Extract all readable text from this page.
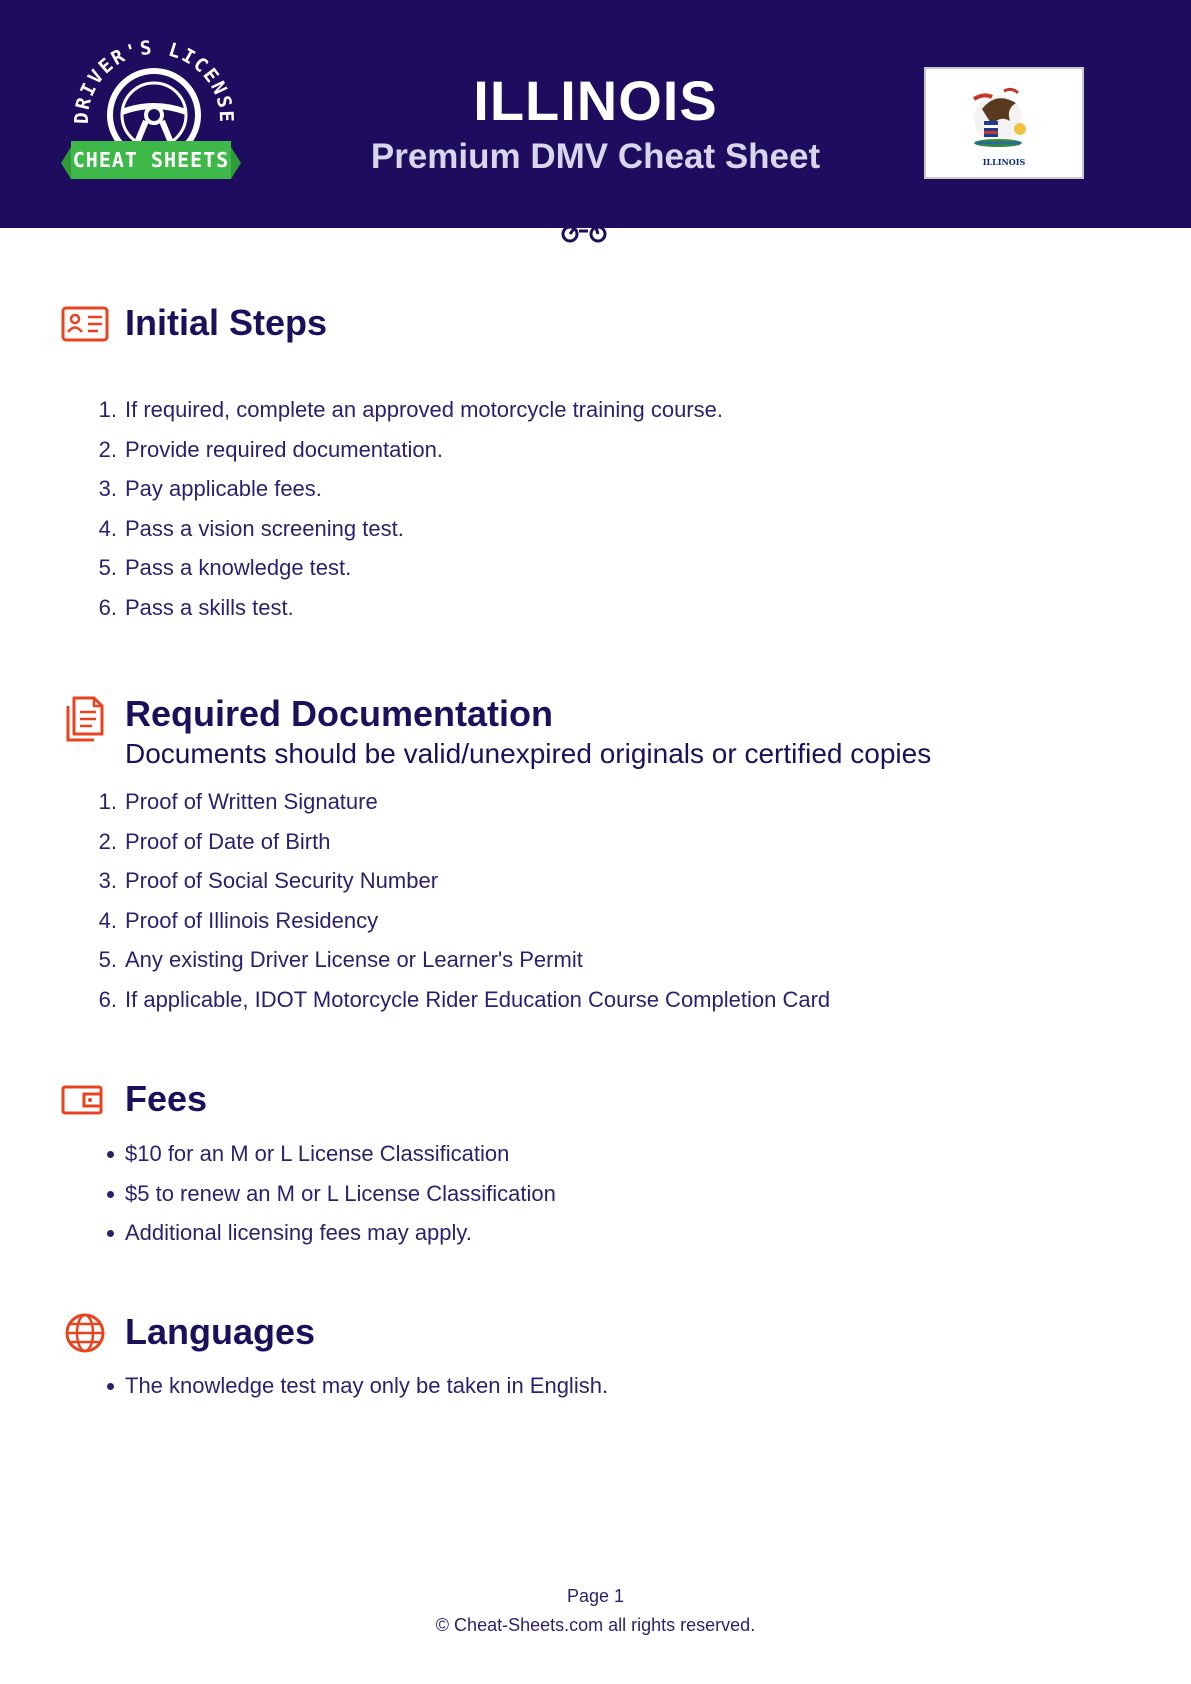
DRIVER'S LICENSE
CHEAT SHEETS
ILLINOIS
Premium DMV Cheat Sheet	ILLINOIS
Initial Steps
1. If required, complete an approved motorcycle training course.
2. Provide required documentation.
3. Pay applicable fees.
4. Pass a vision screening test.
5. Pass a knowledge test.
6. Pass a skills test.
Required Documentation
Documents should be valid/unexpired originals or certified copies
1. Proof of Written Signature
2. Proof of Date of Birth
3. Proof of Social Security Number
4. Proof of Illinois Residency
5. Any existing Driver License or Learner's Permit
6. If applicable, IDOT Motorcycle Rider Education Course Completion Card
Fees
$10 for an M or L License Classification
$5 to renew an M or L License Classification
Additional licensing fees may apply.
Languages
The knowledge test may only be taken in English.
Page 1
© Cheat-Sheets.com all rights reserved.
